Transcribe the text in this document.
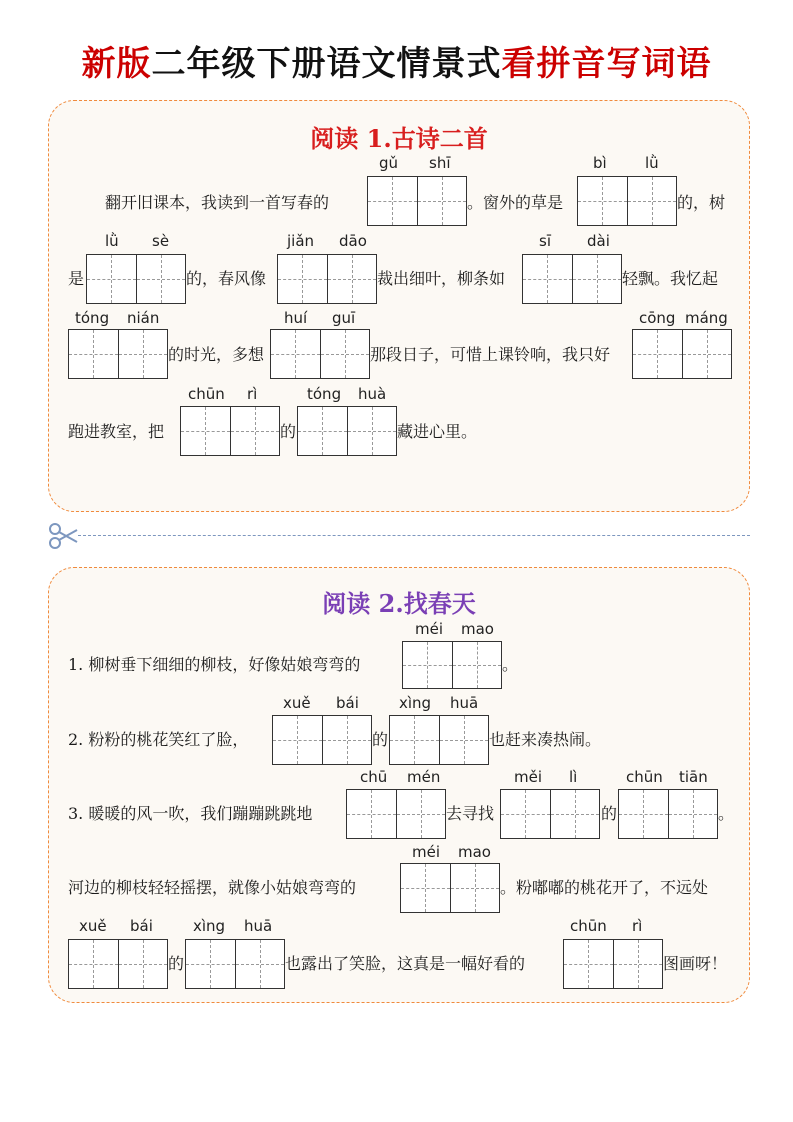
新版二年级下册语文情景式看拼音写词语
阅读 1.古诗二首
翻开旧课本，我读到一首写春的
gǔ shī
。窗外的草是
bì	lǜ
的，树
是
lǜ sè
的，春风像
jiǎn dāo
裁出细叶，柳条如
sī dài
轻飘。我忆起
tóng nián
的时光，多想
huí guī
那段日子，可惜上课铃响，我只好
cōng máng
跑进教室，把
chūn rì
的
tóng huà
藏进心里。
阅读 2.找春天
1. 柳树垂下细细的柳枝，好像姑娘弯弯的
méi mao
。
2. 粉粉的桃花笑红了脸，
xuě bái
的
xìng huā
也赶来凑热闹。
3. 暖暖的风一吹，我们蹦蹦跳跳地
chū mén
去寻找
měi lì
的
chūn tiān
。
河边的柳枝轻轻摇摆，就像小姑娘弯弯的
méi mao
。粉嘟嘟的桃花开了，不远处
xuě bái
的
xìng huā
也露出了笑脸，这真是一幅好看的
chūn rì
图画呀！
